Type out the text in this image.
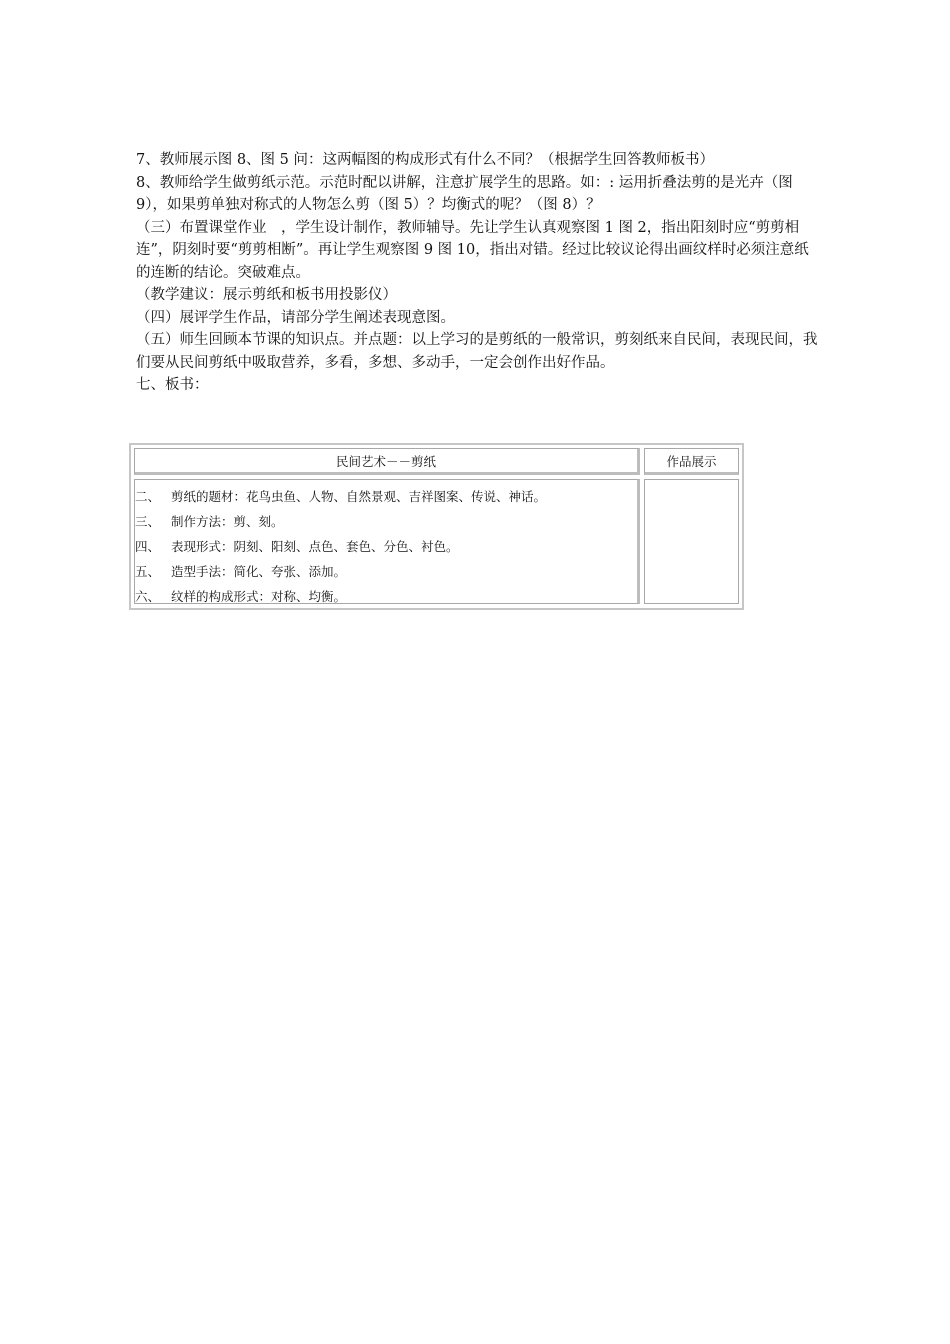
7、教师展示图 8、图 5 问：这两幅图的构成形式有什么不同？（根据学生回答教师板书）

8、教师给学生做剪纸示范。示范时配以讲解，注意扩展学生的思路。如：: 运用折叠法剪的是光卉（图 9），如果剪单独对称式的人物怎么剪（图 5）？均衡式的呢？（图 8）？

（三）布置课堂作业　，学生设计制作，教师辅导。先让学生认真观察图 1 图 2，指出阳刻时应“剪剪相连”，阴刻时要“剪剪相断”。再让学生观察图 9 图 10，指出对错。经过比较议论得出画纹样时必须注意纸的连断的结论。突破难点。

（教学建议：展示剪纸和板书用投影仪）

（四）展评学生作品，请部分学生阐述表现意图。

（五）师生回顾本节课的知识点。并点题：以上学习的是剪纸的一般常识，剪刻纸来自民间，表现民间，我们要从民间剪纸中吸取营养，多看，多想、多动手，一定会创作出好作品。

七、板书：

民间艺术－－剪纸	作品展示
二、 剪纸的题材：花鸟虫鱼、人物、自然景观、吉祥图案、传说、神话。
三、 制作方法：剪、刻。
四、 表现形式：阴刻、阳刻、点色、套色、分色、衬色。
五、 造型手法：简化、夸张、添加。
六、 纹样的构成形式：对称、均衡。
